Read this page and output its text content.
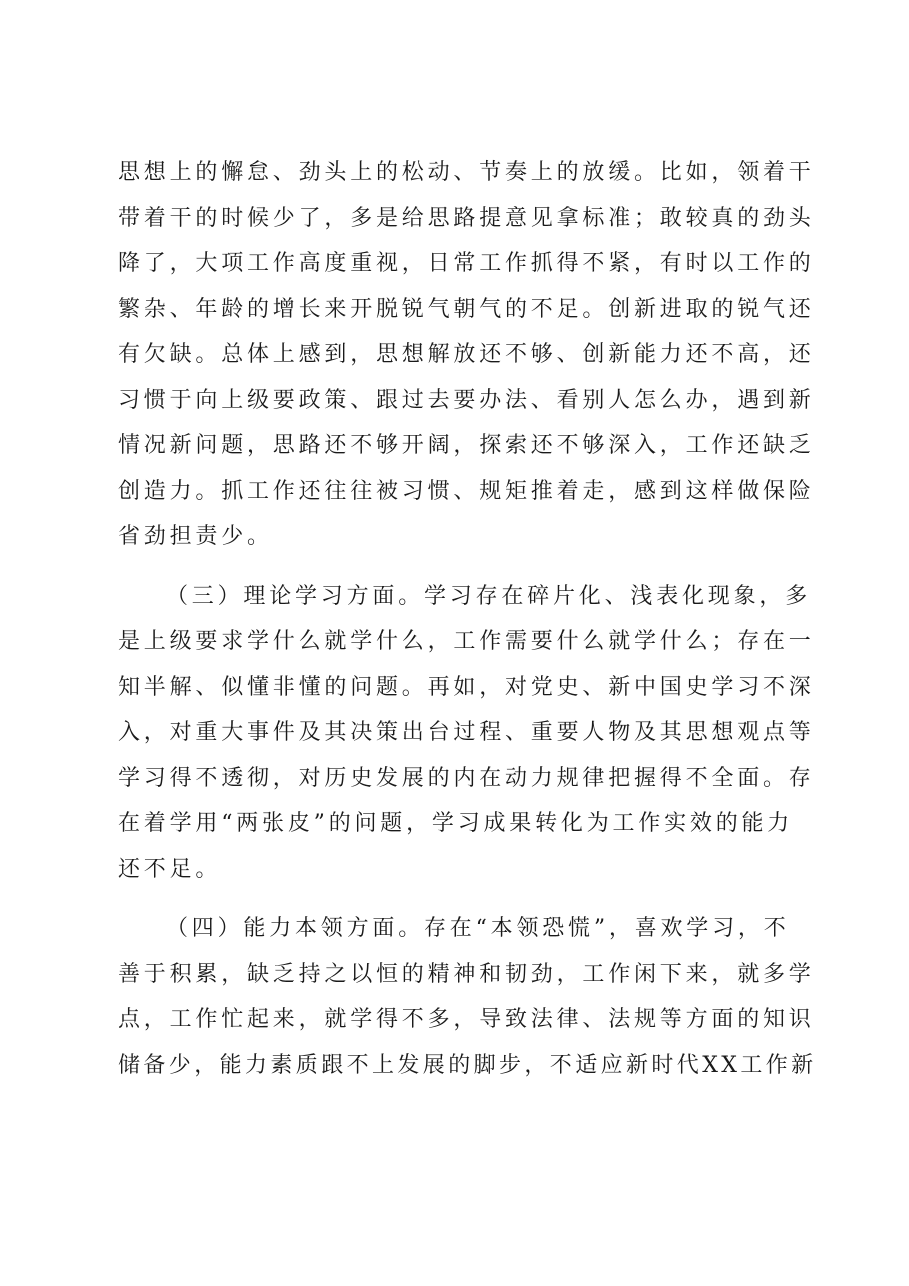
思想上的懈怠、劲头上的松动、节奏上的放缓。比如，领着干
带着干的时候少了，多是给思路提意见拿标准；敢较真的劲头
降了，大项工作高度重视，日常工作抓得不紧，有时以工作的
繁杂、年龄的增长来开脱锐气朝气的不足。创新进取的锐气还
有欠缺。总体上感到，思想解放还不够、创新能力还不高，还
习惯于向上级要政策、跟过去要办法、看别人怎么办，遇到新
情况新问题，思路还不够开阔，探索还不够深入，工作还缺乏
创造力。抓工作还往往被习惯、规矩推着走，感到这样做保险
省劲担责少。
（三）理论学习方面。学习存在碎片化、浅表化现象，多
是上级要求学什么就学什么，工作需要什么就学什么；存在一
知半解、似懂非懂的问题。再如，对党史、新中国史学习不深
入，对重大事件及其决策出台过程、重要人物及其思想观点等
学习得不透彻，对历史发展的内在动力规律把握得不全面。存
在着学用“两张皮”的问题，学习成果转化为工作实效的能力
还不足。
（四）能力本领方面。存在“本领恐慌”，喜欢学习，不
善于积累，缺乏持之以恒的精神和韧劲，工作闲下来，就多学
点，工作忙起来，就学得不多，导致法律、法规等方面的知识
储备少，能力素质跟不上发展的脚步，不适应新时代XX工作新
